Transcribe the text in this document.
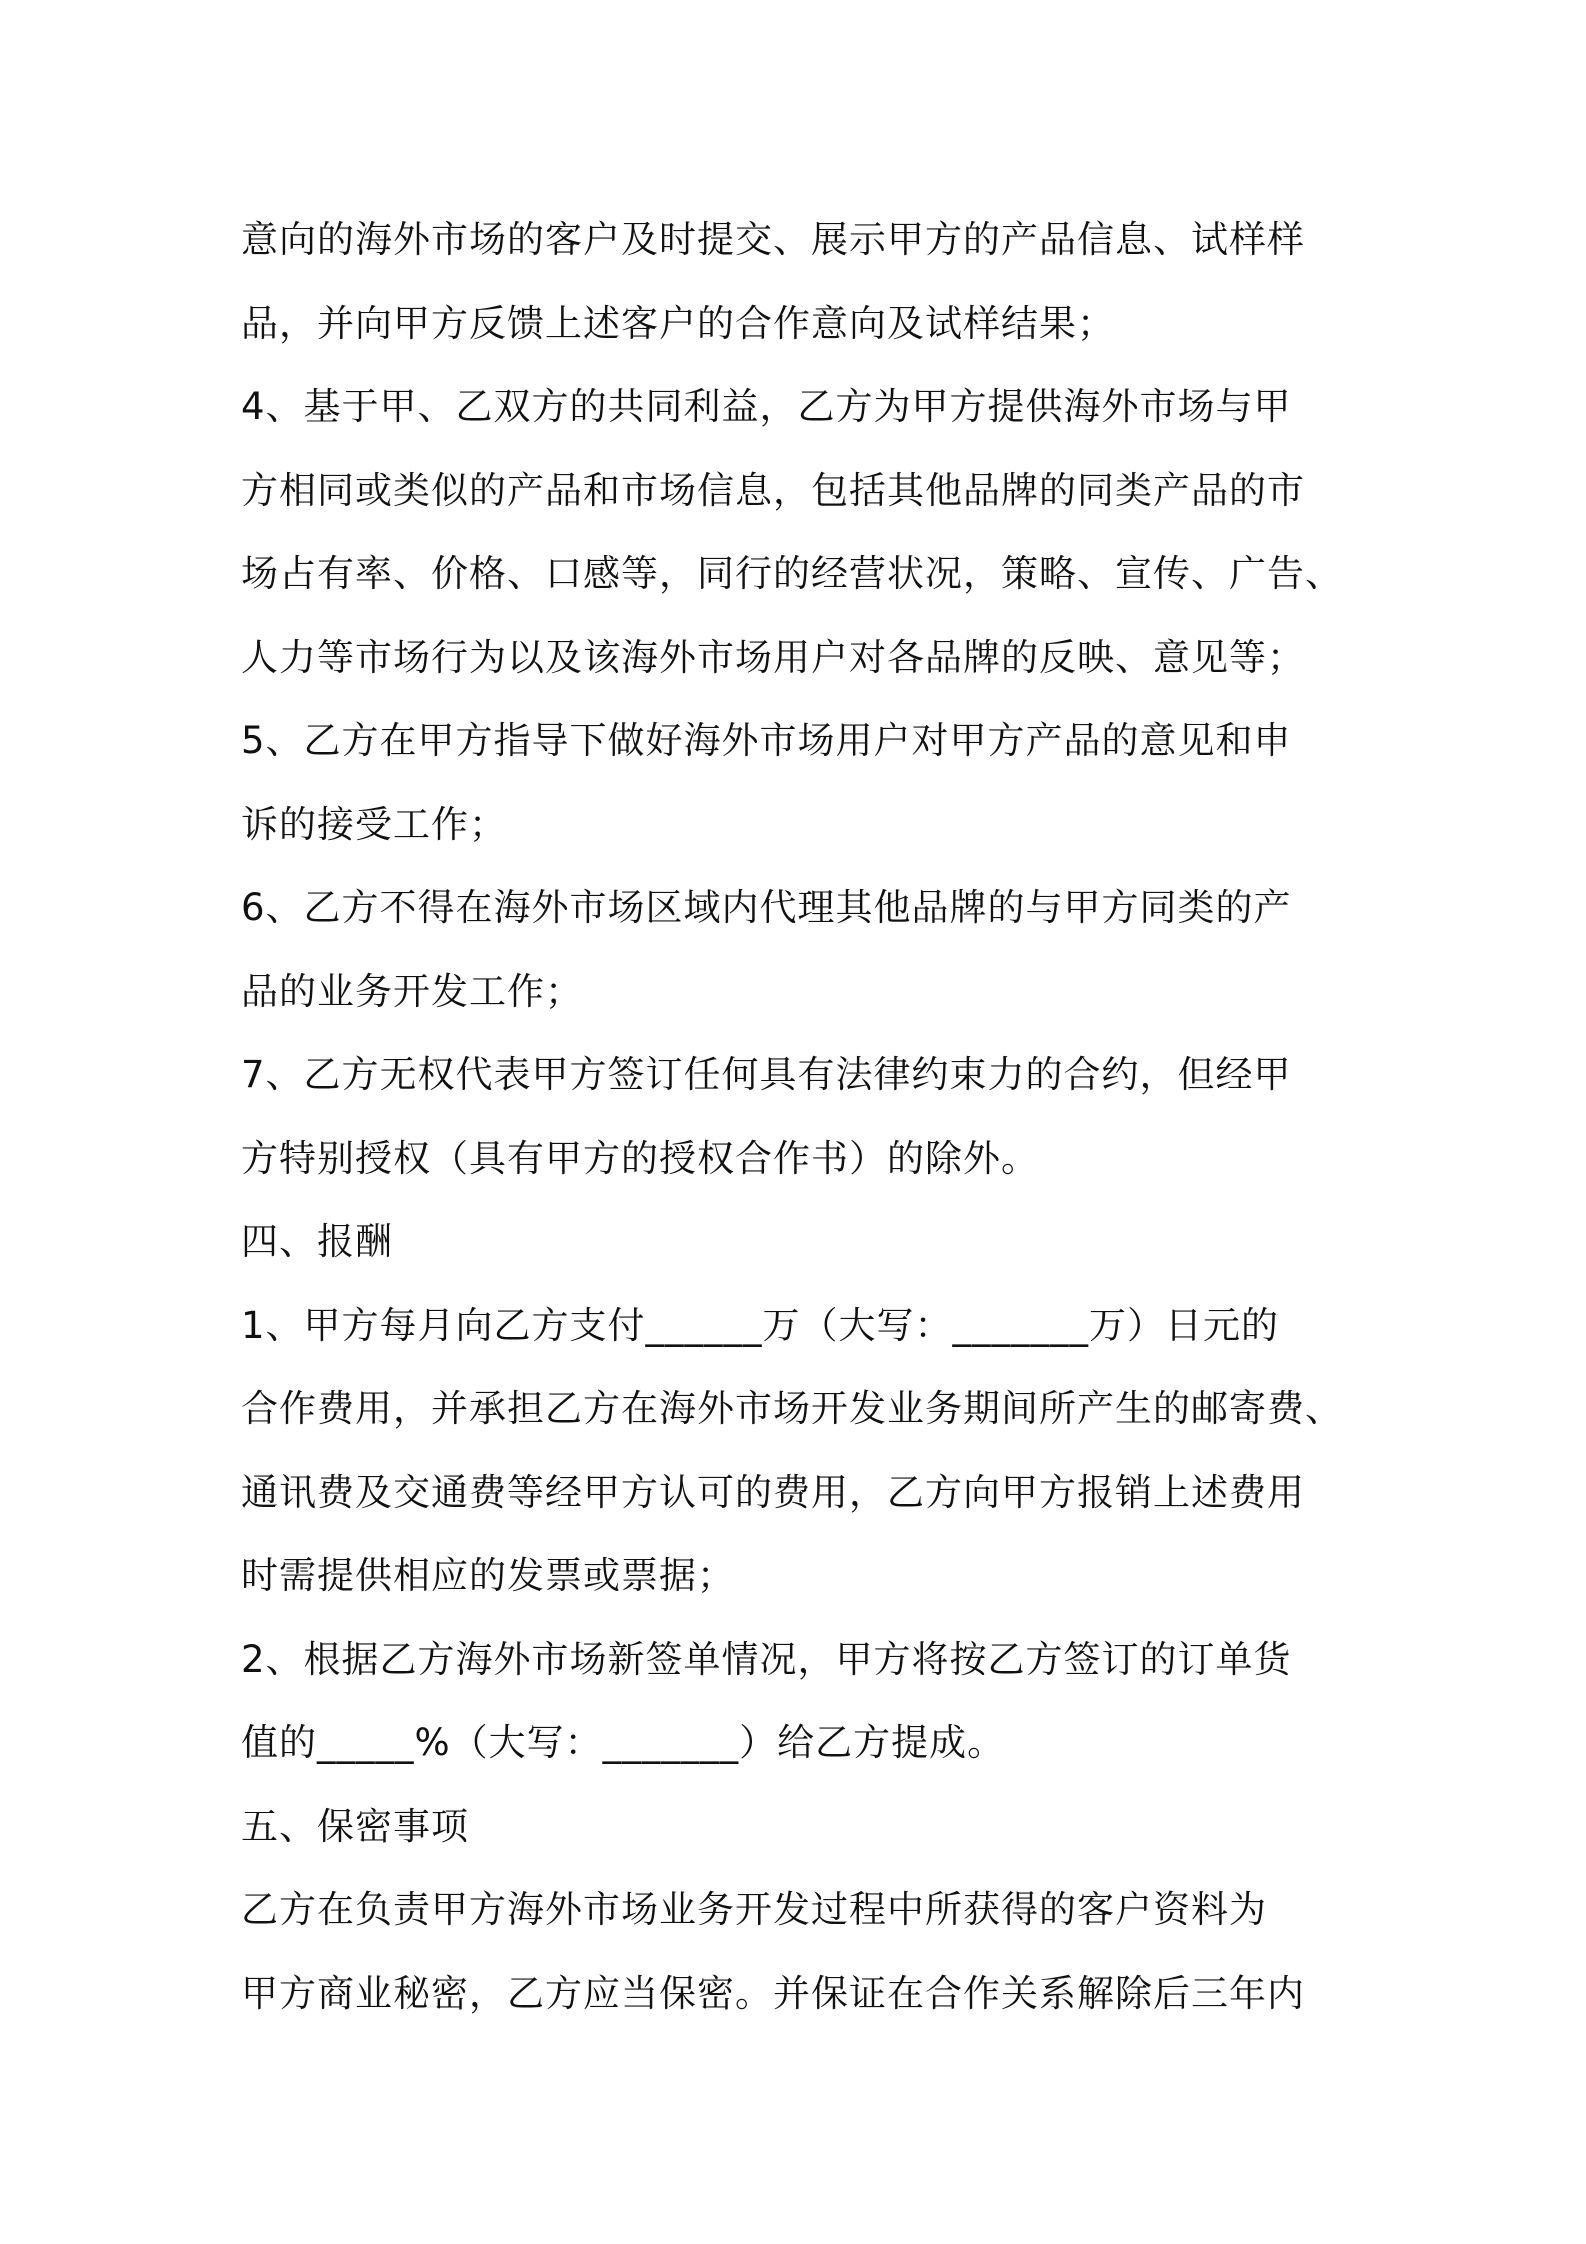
意向的海外市场的客户及时提交、展示甲方的产品信息、试样样
品，并向甲方反馈上述客户的合作意向及试样结果；
4、基于甲、乙双方的共同利益，乙方为甲方提供海外市场与甲
方相同或类似的产品和市场信息，包括其他品牌的同类产品的市
场占有率、价格、口感等，同行的经营状况，策略、宣传、广告、
人力等市场行为以及该海外市场用户对各品牌的反映、意见等；
5、乙方在甲方指导下做好海外市场用户对甲方产品的意见和申
诉的接受工作；
6、乙方不得在海外市场区域内代理其他品牌的与甲方同类的产
品的业务开发工作；
7、乙方无权代表甲方签订任何具有法律约束力的合约，但经甲
方特别授权（具有甲方的授权合作书）的除外。
四、报酬
1、甲方每月向乙方支付______万（大写：_______万）日元的
合作费用，并承担乙方在海外市场开发业务期间所产生的邮寄费、
通讯费及交通费等经甲方认可的费用，乙方向甲方报销上述费用
时需提供相应的发票或票据；
2、根据乙方海外市场新签单情况，甲方将按乙方签订的订单货
值的_____%（大写：_______）给乙方提成。
五、保密事项
乙方在负责甲方海外市场业务开发过程中所获得的客户资料为
甲方商业秘密，乙方应当保密。并保证在合作关系解除后三年内
